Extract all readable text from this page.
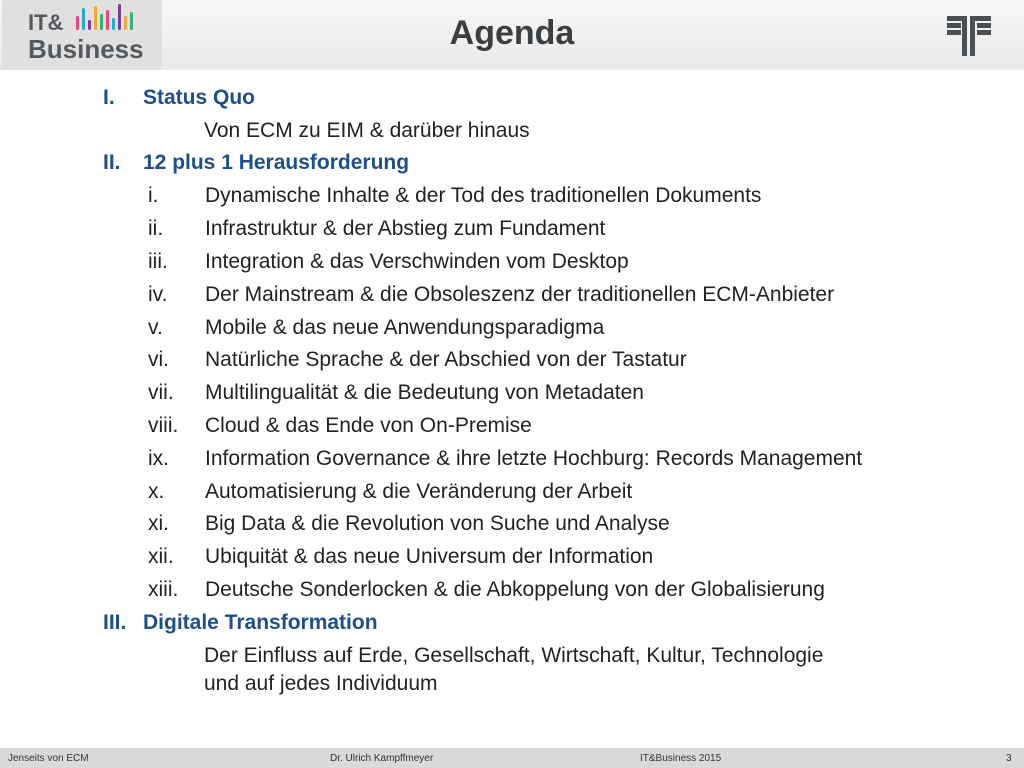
IT&
Business	Agenda
I. Status Quo
Von ECM zu EIM & darüber hinaus
II. 12 plus 1 Herausforderung
i. Dynamische Inhalte & der Tod des traditionellen Dokuments
ii. Infrastruktur & der Abstieg zum Fundament
iii. Integration & das Verschwinden vom Desktop
iv. Der Mainstream & die Obsoleszenz der traditionellen ECM-Anbieter
v. Mobile & das neue Anwendungsparadigma
vi. Natürliche Sprache & der Abschied von der Tastatur
vii. Multilingualität & die Bedeutung von Metadaten
viii. Cloud & das Ende von On-Premise
ix. Information Governance & ihre letzte Hochburg: Records Management
x. Automatisierung & die Veränderung der Arbeit
xi. Big Data & die Revolution von Suche und Analyse
xii. Ubiquität & das neue Universum der Information
xiii. Deutsche Sonderlocken & die Abkoppelung von der Globalisierung
III. Digitale Transformation
Der Einfluss auf Erde, Gesellschaft, Wirtschaft, Kultur, Technologie
und auf jedes Individuum
Jenseits von ECM	Dr. Ulrich Kampffmeyer	IT&Business 2015	3
